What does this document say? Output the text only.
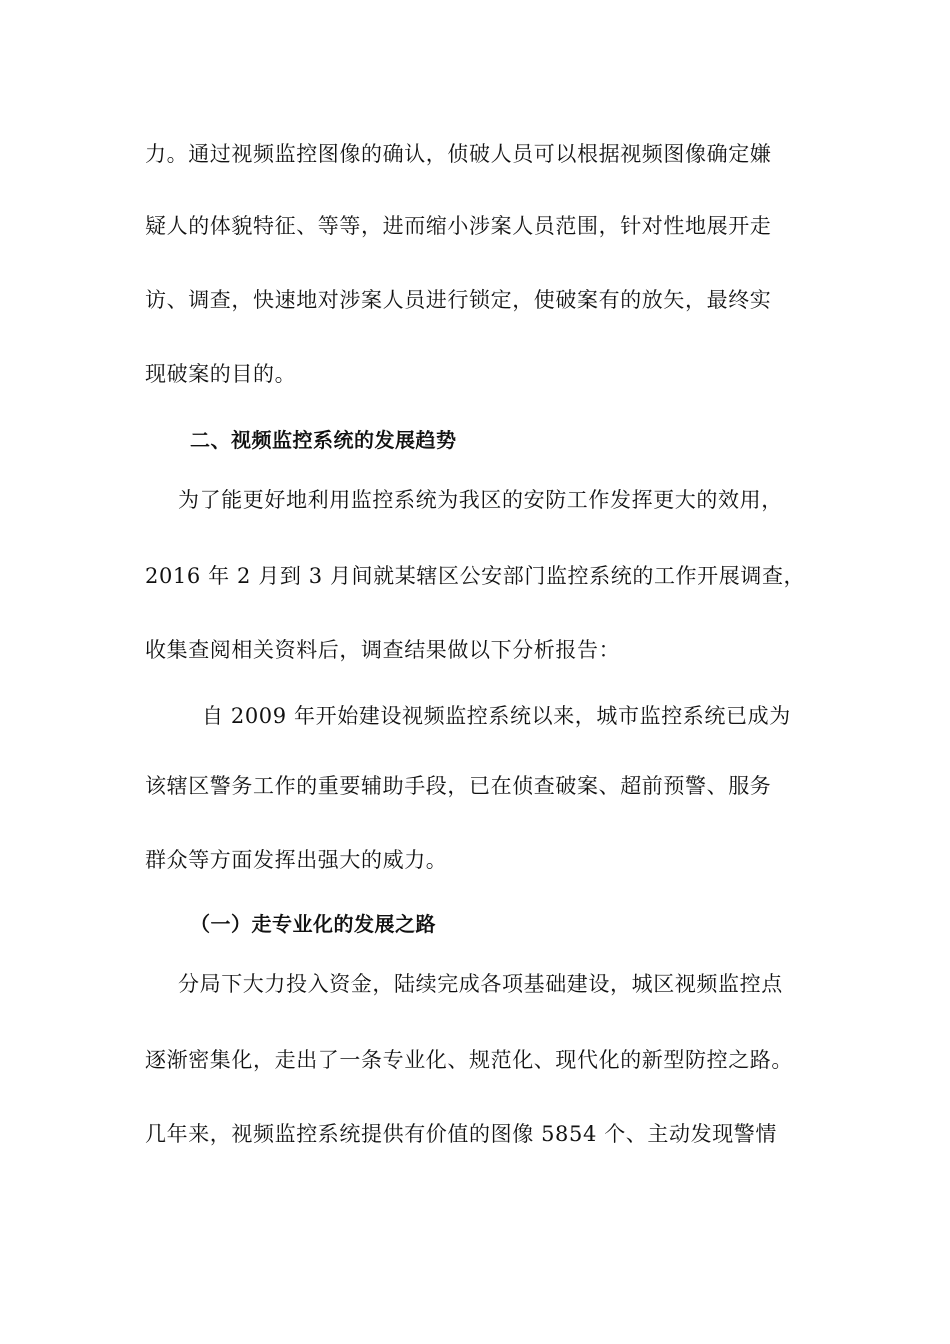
力。通过视频监控图像的确认，侦破人员可以根据视频图像确定嫌
疑人的体貌特征、等等，进而缩小涉案人员范围，针对性地展开走
访、调查，快速地对涉案人员进行锁定，使破案有的放矢，最终实
现破案的目的。
二、视频监控系统的发展趋势
为了能更好地利用监控系统为我区的安防工作发挥更大的效用，
2016 年 2 月到 3 月间就某辖区公安部门监控系统的工作开展调查，
收集查阅相关资料后，调查结果做以下分析报告：
自 2009 年开始建设视频监控系统以来，城市监控系统已成为
该辖区警务工作的重要辅助手段，已在侦查破案、超前预警、服务
群众等方面发挥出强大的威力。
（一）走专业化的发展之路
分局下大力投入资金，陆续完成各项基础建设，城区视频监控点
逐渐密集化，走出了一条专业化、规范化、现代化的新型防控之路。
几年来，视频监控系统提供有价值的图像 5854 个、主动发现警情
